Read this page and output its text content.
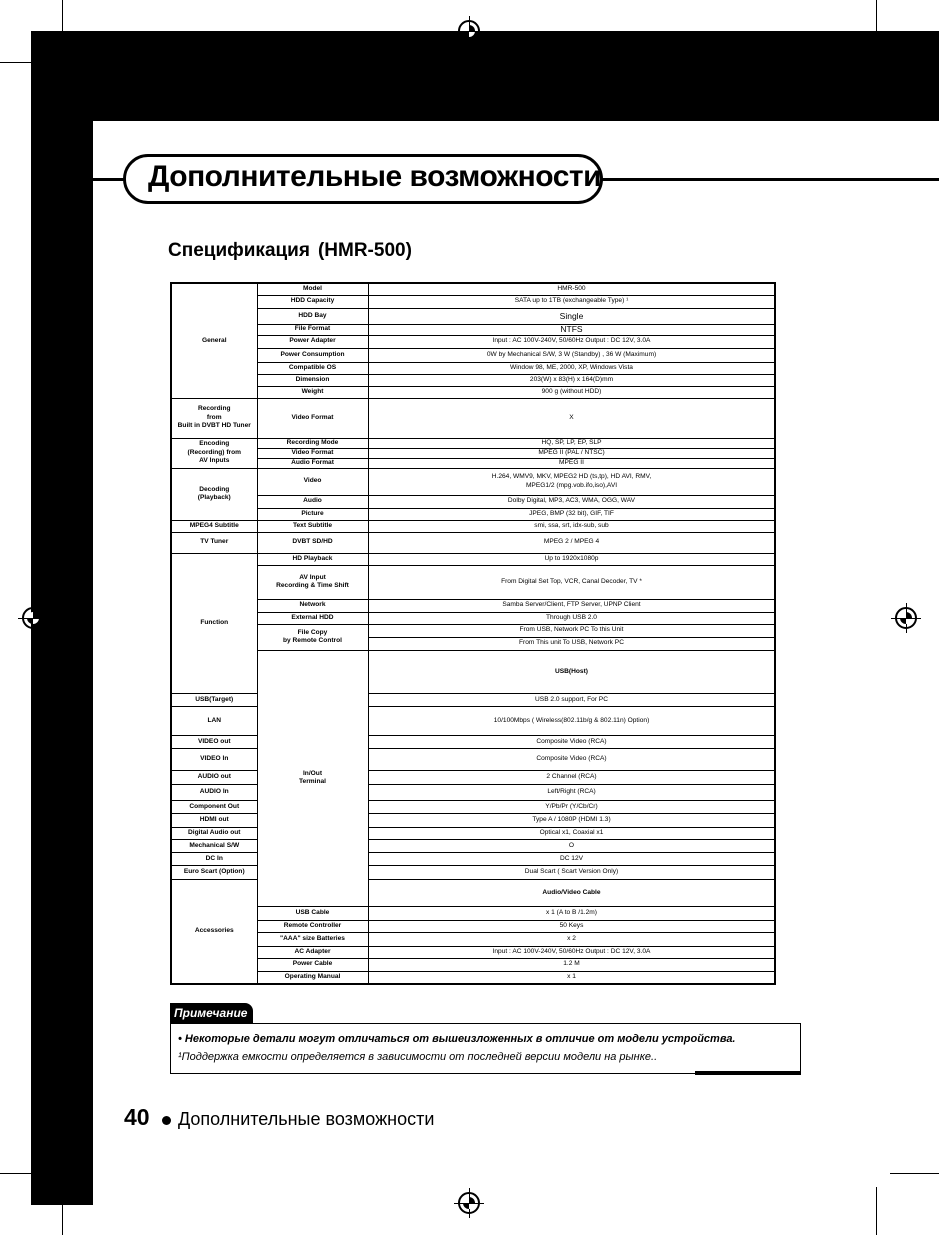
Дополнительные возможности
Спецификация (HMR-500)
General	Model	HMR-500	
	HDD Capacity	SATA up to 1TB (exchangeable Type) ¹	
	HDD Bay	Single	
	File Format	NTFS	
	Power Adapter	Input : AC 100V-240V, 50/60Hz Output : DC 12V, 3.0A	
	Power Consumption	0W by Mechanical S/W, 3 W (Standby) , 36 W (Maximum)	
	Compatible OS	Window 98, ME, 2000, XP, Windows Vista	
	Dimension	203(W) x 83(H) x 164(D)mm	
	Weight	900 g (without HDD)	
Recording
from
Built in DVBT HD Tuner	Video Format	X	
Encoding
(Recording) from
AV Inputs	Recording Mode	HQ, SP, LP, EP, SLP	
	Video Format	MPEG II (PAL / NTSC)	
	Audio Format	MPEG II	
Decoding
(Playback)	Video	H.264, WMV9, MKV, MPEG2 HD (ts,tp), HD AVI, RMV,
MPEG1/2 (mpg.vob.ifo,iso),AVI	
	Audio	Dolby Digital, MP3, AC3, WMA, OGG, WAV	
	Picture	JPEG, BMP (32 bit), GIF, TIF	
MPEG4 Subtitle	Text Subtitle	smi, ssa, srt, idx-sub, sub	
TV Tuner	DVBT SD/HD	MPEG 2 / MPEG 4	
Function	HD Playback	Up to 1920x1080p	
	AV Input
Recording & Time Shift	From Digital Set Top, VCR, Canal Decoder, TV *	
	Network	Samba Server/Client, FTP Server, UPNP Client	
	External HDD	Through USB 2.0	
	File Copy
by Remote Control	From USB, Network PC To this Unit	
		From This unit To USB, Network PC	
	In/Out
Terminal	USB(Host)	
USB(Target)		USB 2.0 support, For PC	
LAN		10/100Mbps ( Wireless(802.11b/g & 802.11n) Option)	
VIDEO out		Composite Video (RCA)	
VIDEO In		Composite Video (RCA)	
AUDIO out		2 Channel (RCA)	
AUDIO In		Left/Right (RCA)	
Component Out		Y/Pb/Pr (Y/Cb/Cr)	
HDMI out		Type A / 1080P (HDMI 1.3)	
Digital Audio out		Optical x1, Coaxial x1	
Mechanical S/W		O	
DC In		DC 12V	
Euro Scart (Option)		Dual Scart ( Scart Version Only)	
Accessories		Audio/Video Cable	
	USB Cable	x 1 (A to B /1.2m)	
	Remote Controller	50 Keys	
	"AAA" size Batteries	x 2	
	AC Adapter	Input : AC 100V-240V, 50/60Hz Output : DC 12V, 3.0A	
	Power Cable	1.2 M	
	Operating Manual	x 1	
Примечание
• Некоторые детали могут отличаться от вышеизложенных в отличие от модели устройства.
¹Поддержка емкости определяется в зависимости от последней версии модели на рынке..
40 Дополнительные возможности
